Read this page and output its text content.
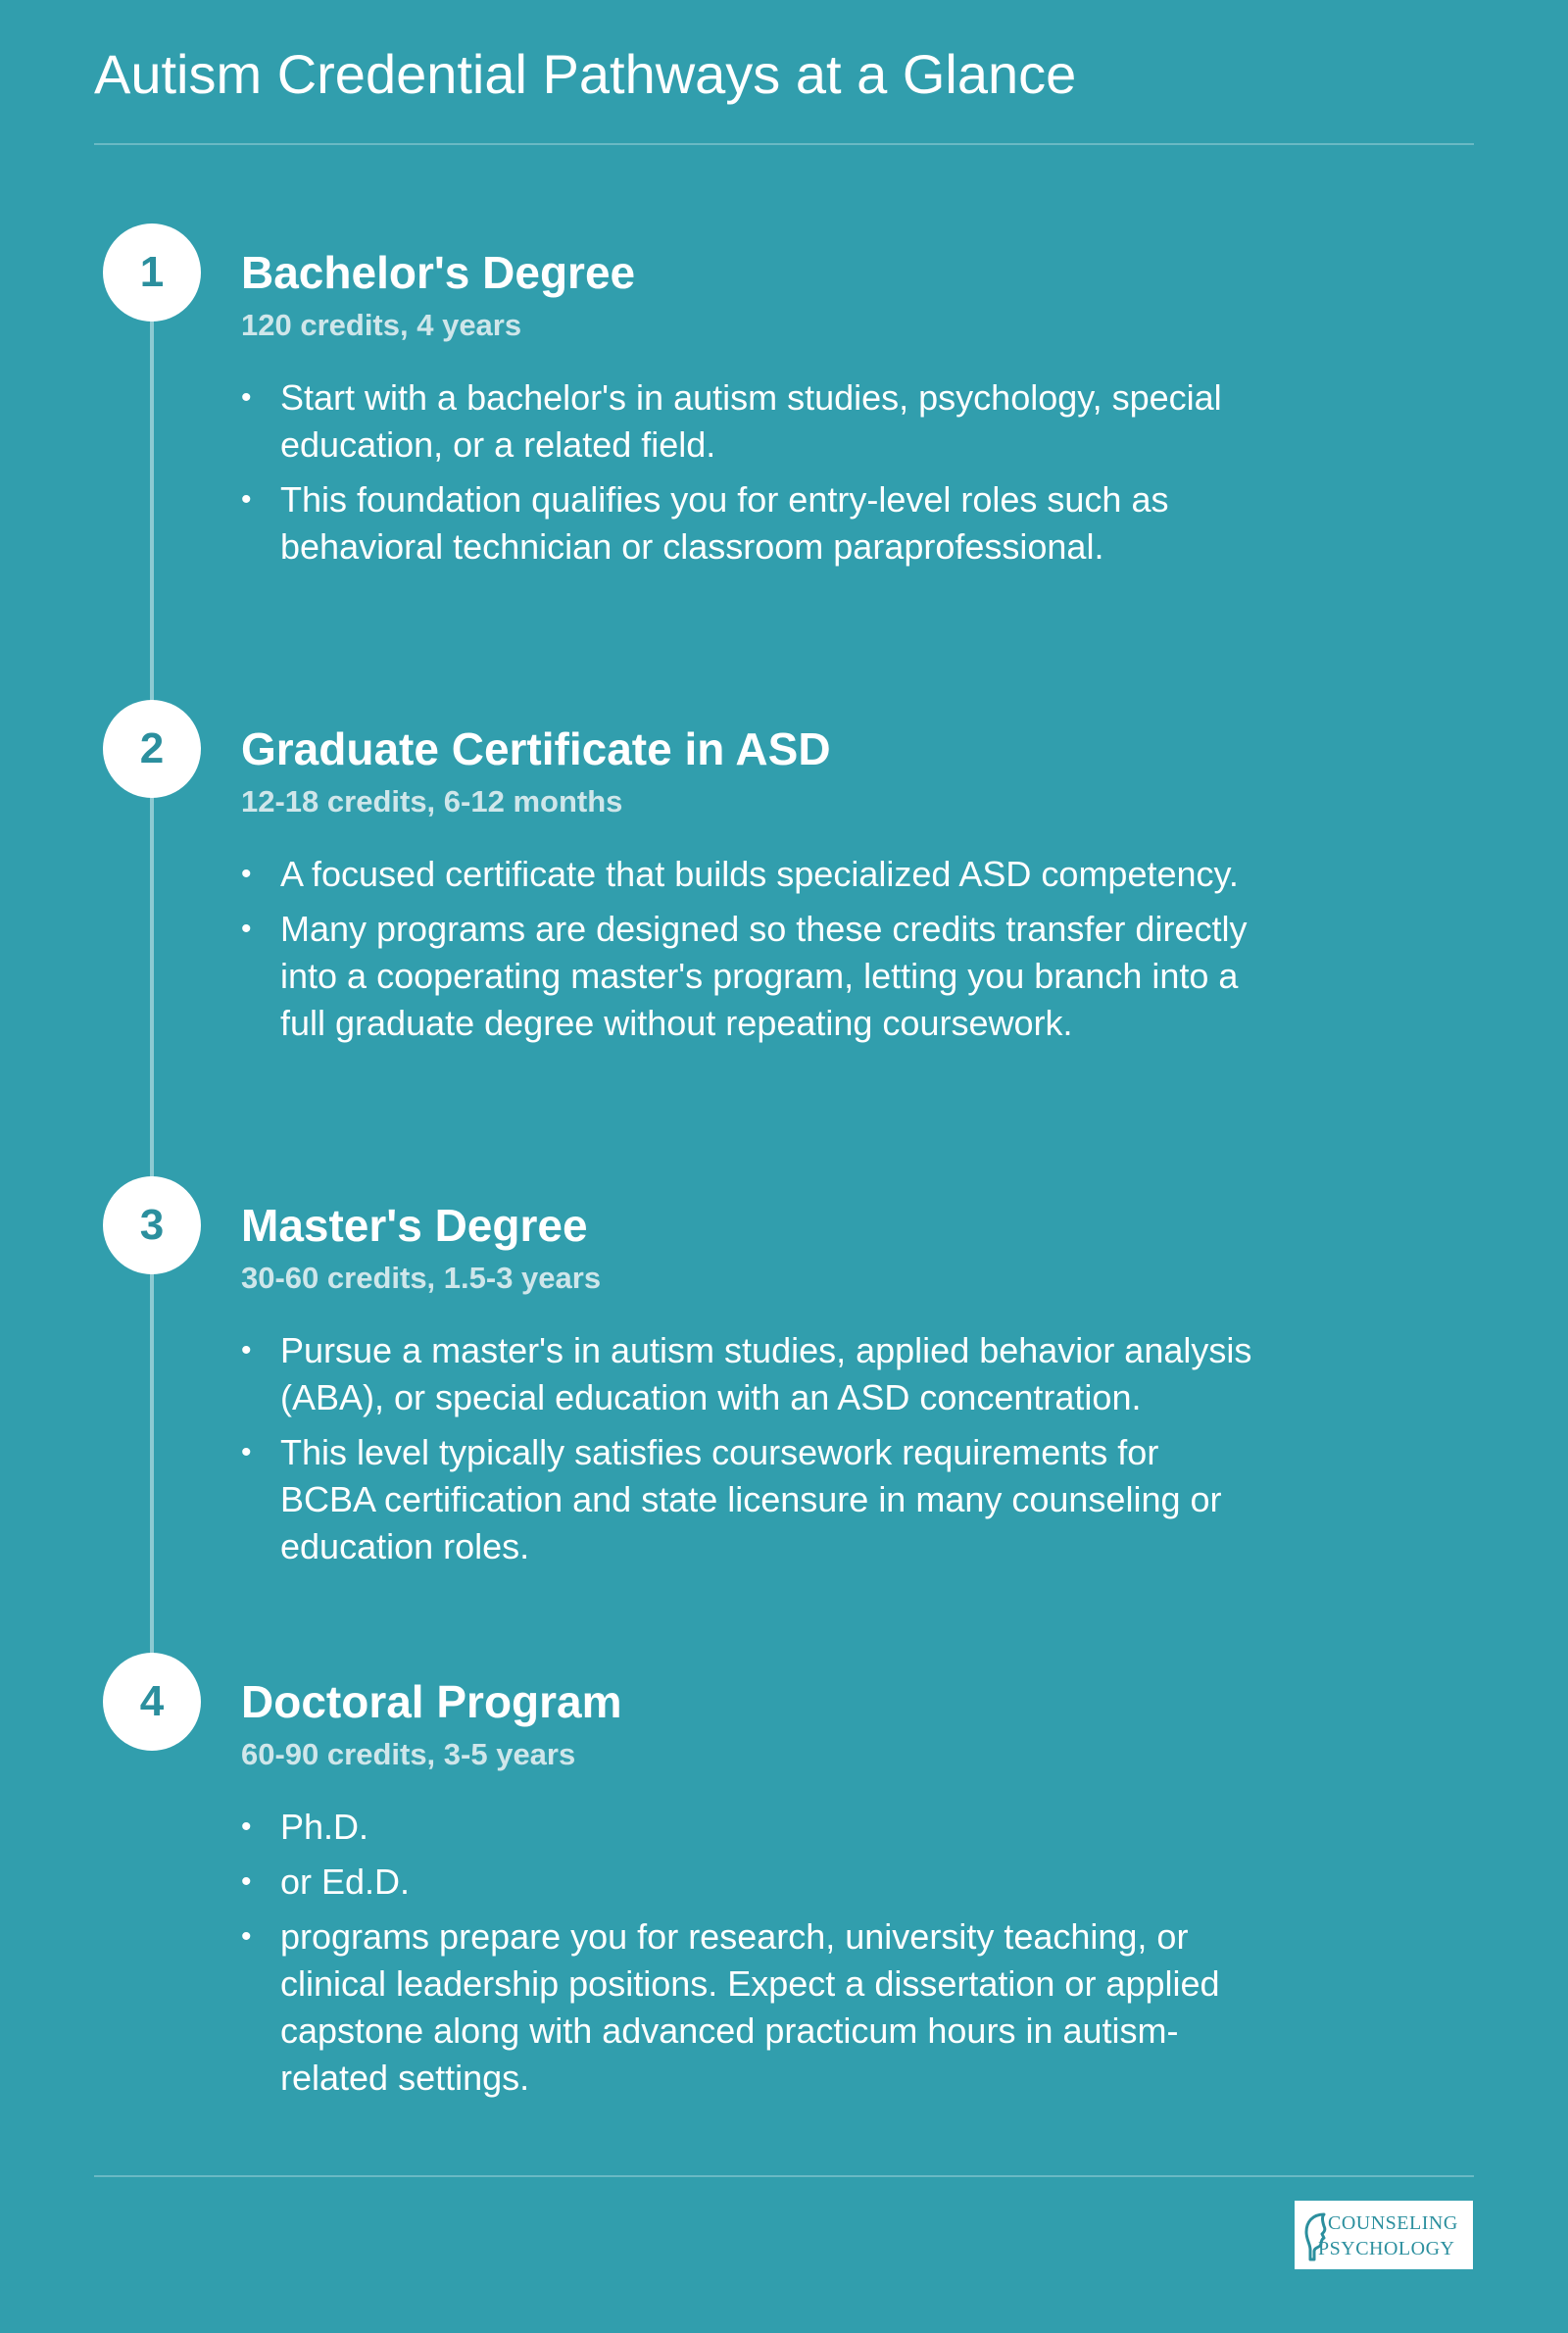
Autism Credential Pathways at a Glance
1	Bachelor's Degree

120 credits, 4 years

• Start with a bachelor's in autism studies, psychology, special education, or a related field.
• This foundation qualifies you for entry-level roles such as behavioral technician or classroom paraprofessional.
2	Graduate Certificate in ASD

12-18 credits, 6-12 months

• A focused certificate that builds specialized ASD competency.
• Many programs are designed so these credits transfer directly into a cooperating master's program, letting you branch into a full graduate degree without repeating coursework.
3	Master's Degree

30-60 credits, 1.5-3 years

• Pursue a master's in autism studies, applied behavior analysis (ABA), or special education with an ASD concentration.
• This level typically satisfies coursework requirements for BCBA certification and state licensure in many counseling or education roles.
4	Doctoral Program

60-90 credits, 3-5 years

• Ph.D.
• or Ed.D.
• programs prepare you for research, university teaching, or clinical leadership positions. Expect a dissertation or applied capstone along with advanced practicum hours in autism-related settings.
COUNSELING
PSYCHOLOGY
